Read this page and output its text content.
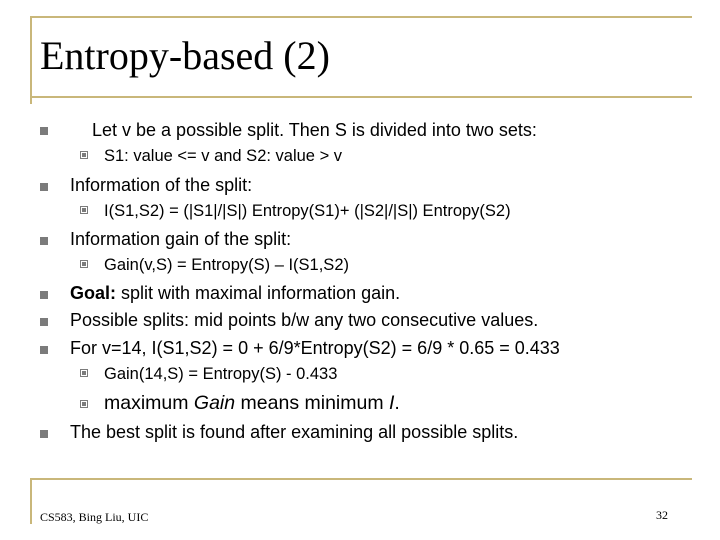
Entropy-based (2)
Let v be a possible split. Then S is divided into two sets:
S1: value <= v and S2: value > v
Information of the split:
I(S1,S2) = (|S1|/|S|) Entropy(S1)+ (|S2|/|S|) Entropy(S2)
Information gain of the split:
Gain(v,S) = Entropy(S) – I(S1,S2)
Goal: split with maximal information gain.
Possible splits: mid points b/w any two consecutive values.
For v=14, I(S1,S2) = 0 + 6/9*Entropy(S2) = 6/9 * 0.65 = 0.433
Gain(14,S) = Entropy(S) - 0.433
maximum Gain means minimum I.
The best split is found after examining all possible splits.
CS583, Bing Liu, UIC	32
